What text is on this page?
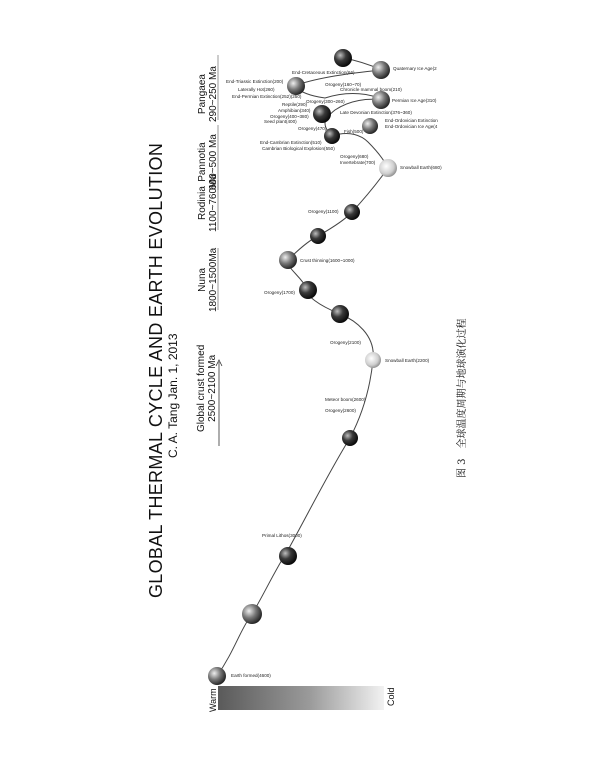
Earth formed(4600)
Primal Lithos(3000)
Orogeny(2600)
Meteor boom(2600)
Orogeny(2100)
Snowball Earth(2200)
Orogeny(1700)
Crust thinning(1600~1000)
Orogeny(1100)
Snowball Earth(680)
Orogeny(680)
Invertebrate(700)
End-Cambrian Extinction(510)
Cambrian Biological Explosion(550)
Fish(500)
Orogeny(470)
End-Ordovician Extinction
End-Ordovician Ice Age(4
Late Devonian Extinction(376~360)
Seed plant(400)
Orogeny(400~380)
Amphibian(340)
Reptile(290)
Orogeny(300~260)	Permian Ice Age(310)
End-Permian Extinction(252)(250)
Laterally Hot(260)
End-Triassic Extinction(200)
Orogeny(160~70)
Chronicle mammal boom(210)
End-Cretaceous Extinction(66)
Quaternary Ice Age(2
GLOBAL THERMAL CYCLE AND EARTH EVOLUTION C. A. Tang Jan. 1, 2013
Pangaea 290~250 Ma
Pannotia 600~500 Ma
Rodinia 1100~760Ma
Nuna 1800~1500Ma
Global crust formed 2500~2100 Ma
Warm	Cold
图 3　全球温度周期与地球演化过程
